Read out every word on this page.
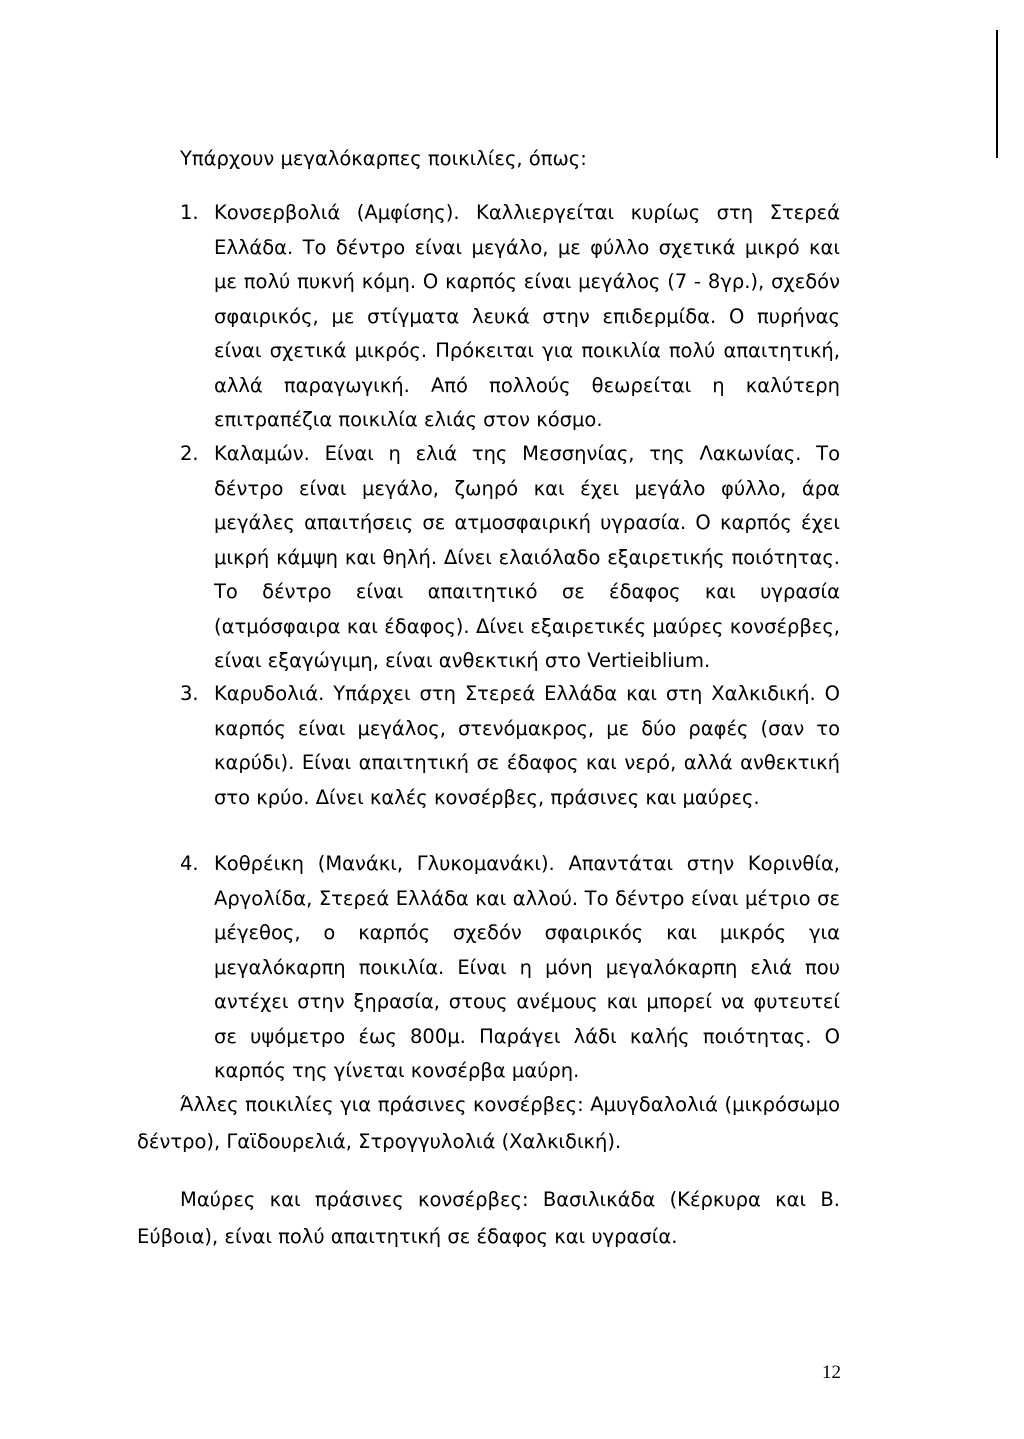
Υπάρχουν μεγαλόκαρπες ποικιλίες, όπως:
1. Κονσερβολιά (Αμφίσης). Καλλιεργείται κυρίως στη Στερεά Ελλάδα. Το δέντρο είναι μεγάλο, με φύλλο σχετικά μικρό και με πολύ πυκνή κόμη. Ο καρπός είναι μεγάλος (7 - 8γρ.), σχεδόν σφαιρικός, με στίγματα λευκά στην επιδερμίδα. Ο πυρήνας είναι σχετικά μικρός. Πρόκειται για ποικιλία πολύ απαιτητική, αλλά παραγωγική. Από πολλούς θεωρείται η καλύτερη επιτραπέζια ποικιλία ελιάς στον κόσμο.
2. Καλαμών. Είναι η ελιά της Μεσσηνίας, της Λακωνίας. Το δέντρο είναι μεγάλο, ζωηρό και έχει μεγάλο φύλλο, άρα μεγάλες απαιτήσεις σε ατμοσφαιρική υγρασία. Ο καρπός έχει μικρή κάμψη και θηλή. Δίνει ελαιόλαδο εξαιρετικής ποιότητας. Το δέντρο είναι απαιτητικό σε έδαφος και υγρασία (ατμόσφαιρα και έδαφος). Δίνει εξαιρετικές μαύρες κονσέρβες, είναι εξαγώγιμη, είναι ανθεκτική στο Vertieiblium.
3. Καρυδολιά. Υπάρχει στη Στερεά Ελλάδα και στη Χαλκιδική. Ο καρπός είναι μεγάλος, στενόμακρος, με δύο ραφές (σαν το καρύδι). Είναι απαιτητική σε έδαφος και νερό, αλλά ανθεκτική στο κρύο. Δίνει καλές κονσέρβες, πράσινες και μαύρες.
4. Κοθρέικη (Μανάκι, Γλυκομανάκι). Απαντάται στην Κορινθία, Αργολίδα, Στερεά Ελλάδα και αλλού. Το δέντρο είναι μέτριο σε μέγεθος, ο καρπός σχεδόν σφαιρικός και μικρός για μεγαλόκαρπη ποικιλία. Είναι η μόνη μεγαλόκαρπη ελιά που αντέχει στην ξηρασία, στους ανέμους και μπορεί να φυτευτεί σε υψόμετρο έως 800μ. Παράγει λάδι καλής ποιότητας. Ο καρπός της γίνεται κονσέρβα μαύρη.
Άλλες ποικιλίες για πράσινες κονσέρβες: Αμυγδαλολιά (μικρόσωμο δέντρο), Γαϊδουρελιά, Στρογγυλολιά (Χαλκιδική).
Μαύρες και πράσινες κονσέρβες: Βασιλικάδα (Κέρκυρα και Β. Εύβοια), είναι πολύ απαιτητική σε έδαφος και υγρασία.
12
